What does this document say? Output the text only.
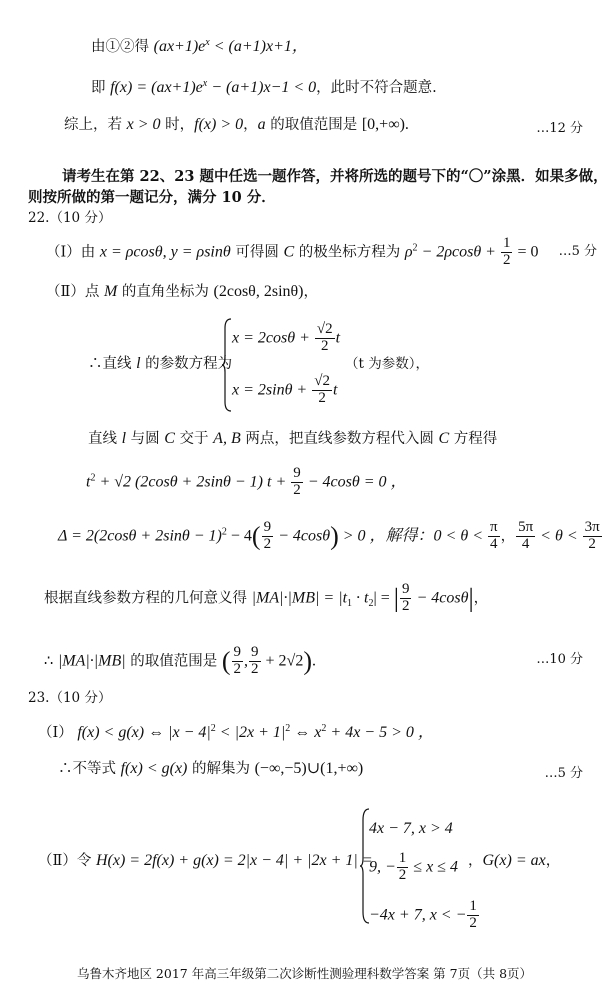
由①②得 $(ax+1)e^x < (a+1)x+1$，
即 $f(x) = (ax+1)e^x - (a+1)x-1 < 0$，此时不符合题意.
综上，若 x > 0 时，f(x) > 0，a 的取值范围是 [0,+∞).	…12 分
请考生在第 22、23 题中任选一题作答，并将所选的题号下的“〇”涂黑．如果多做，
则按所做的第一题记分，满分 10 分．
22.（10 分）
（Ⅰ）由 x = ρcosθ, y = ρsinθ 可得圆 C 的极坐标方程为 $\rho^2 - 2\rho\cos\theta + \frac{1}{2} = 0$ …5 分
（Ⅱ）点 M 的直角坐标为 (2cosθ, 2sinθ)，
∴直线 l 的参数方程为
$x = 2\cos\theta + \frac{√2}{2}$ t
$x = 2\sin\theta + \frac{√2}{2}$ t
（t 为参数），
直线 l 与圆 C 交于 A, B 两点，把直线参数方程代入圆 C 方程得
$t^2 + √2$ (2cosθ + 2sinθ − 1) $t + \frac{9}{2} - 4\cos\theta = 0$ ，
$\Delta = 2(2\cos\theta + 2\sin\theta - 1)^2 - 4( \frac{9}{2} - 4\cos\theta) > 0$ ，解得：$0 < \theta < \frac{\pi}{4}$ ， $\frac{5\pi}{4} < \theta < \frac{3\pi}{2}$
根据直线参数方程的几何意义得 $|MA|\cdot|MB| = |t_1 \cdot t_2|$ = | $\frac{9}{2} - 4\cos\theta|$，
∴ |MA|·|MB| 的取值范围是 ( $\frac{9}{2}$ , $\frac{9}{2} + 2√2$).	…10 分
23.（10 分）
（Ⅰ） f(x) < g(x) ⇔ $|x - 4|^2 < |2x + 1|^2$ ⇔ $x^2 + 4x - 5 > 0$ ，
∴不等式 f(x) < g(x) 的解集为 (−∞,−5)∪(1,+∞)	…5 分
（Ⅱ）令 H(x) = 2f(x) + g(x) = 2|x − 4| + |2x + 1| =
4x − 7, x > 4
9, − $\frac{1}{2} \le x \le 4$
−4x + 7, x < − $\frac{1}{2}$
，G(x) = ax，
乌鲁木齐地区 2017 年高三年级第二次诊断性测验理科数学答案 第 7页（共 8页）
